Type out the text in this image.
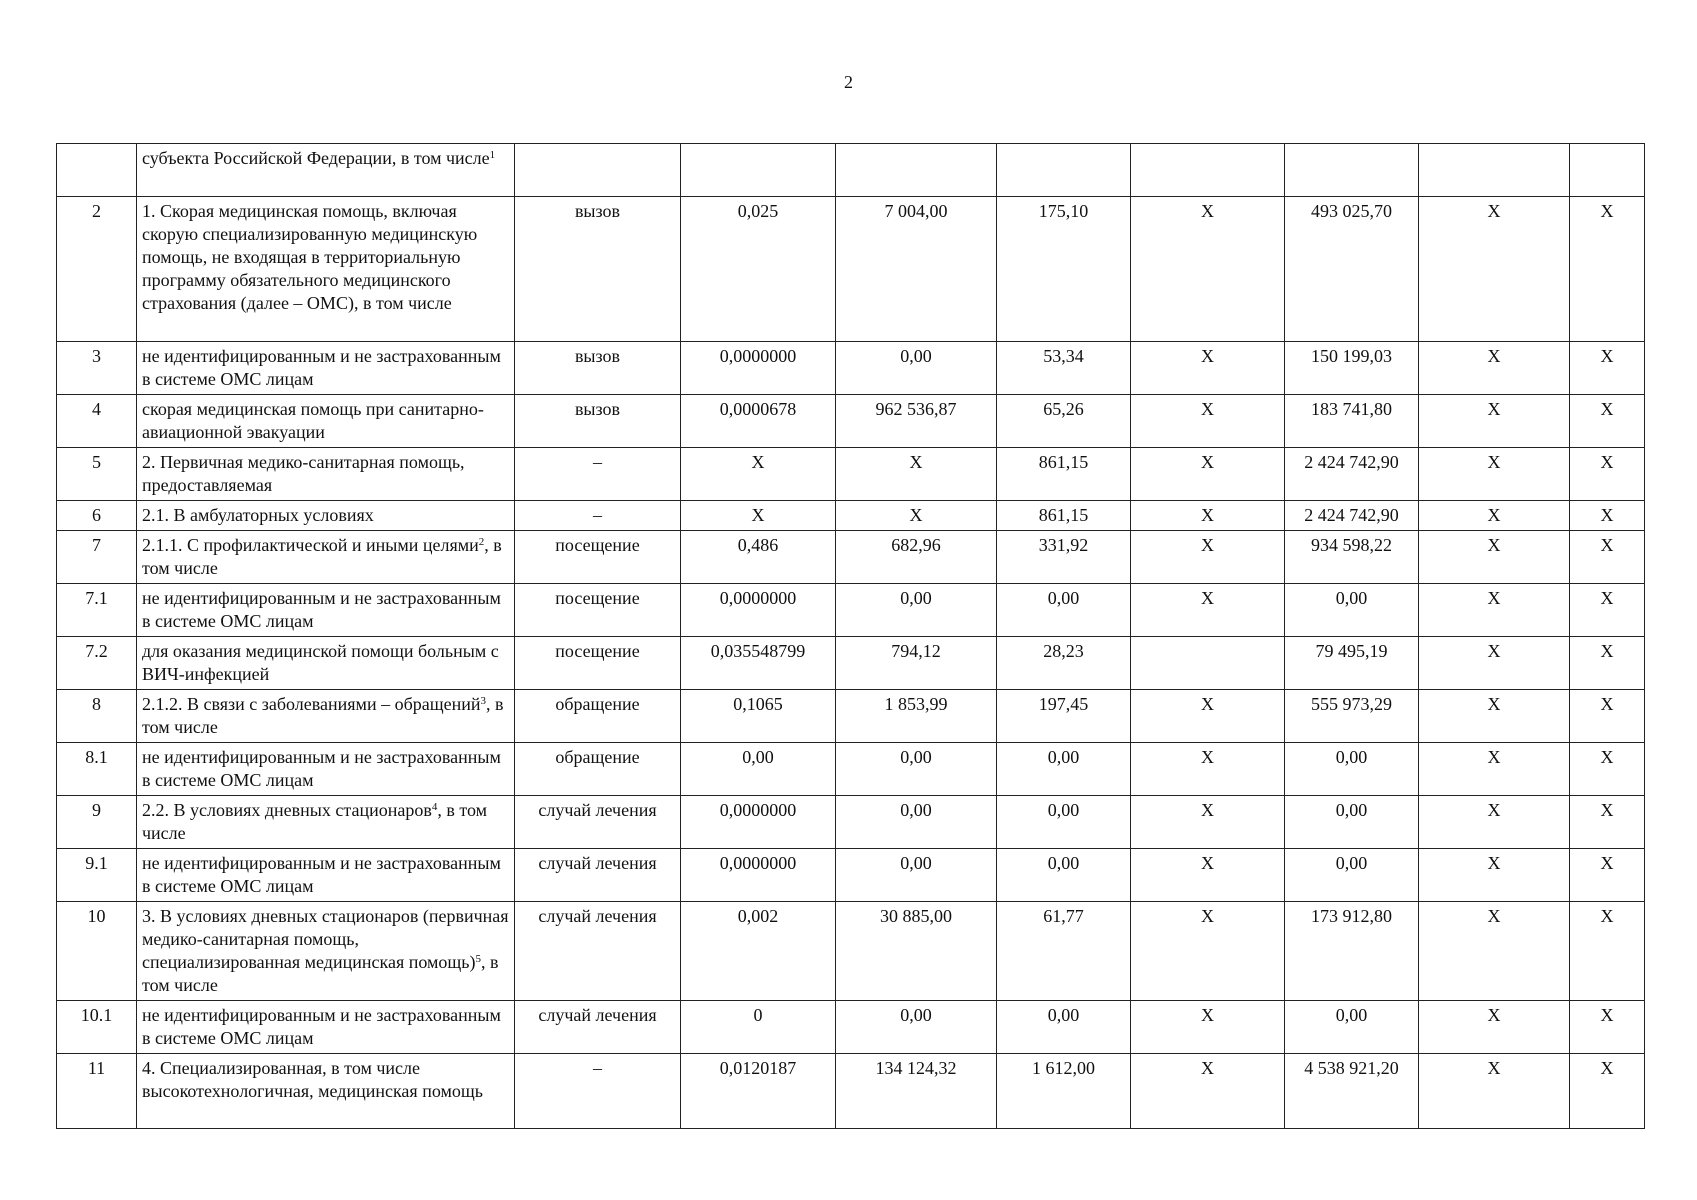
2
	субъекта Российской Федерации, в том числе$^1$								
2	1. Скорая медицинская помощь, включая скорую специализированную медицинскую помощь, не входящая в территориальную программу обязательного медицинского страхования (далее – ОМС), в том числе	вызов	0,025	7 004,00	175,10	X	493 025,70	X	X
3	не идентифицированным и не застрахованным в системе ОМС лицам	вызов	0,0000000	0,00	53,34	X	150 199,03	X	X
4	скорая медицинская помощь при санитарно-авиационной эвакуации	вызов	0,0000678	962 536,87	65,26	X	183 741,80	X	X
5	2. Первичная медико-санитарная помощь, предоставляемая	–	X	X	861,15	X	2 424 742,90	X	X
6	2.1. В амбулаторных условиях	–	X	X	861,15	X	2 424 742,90	X	X
7	2.1.1. С профилактической и иными целями$^2$, в том числе	посещение	0,486	682,96	331,92	X	934 598,22	X	X
7.1	не идентифицированным и не застрахованным в системе ОМС лицам	посещение	0,0000000	0,00	0,00	X	0,00	X	X
7.2	для оказания медицинской помощи больным с ВИЧ-инфекцией	посещение	0,035548799	794,12	28,23		79 495,19	X	X
8	2.1.2. В связи с заболеваниями – обращений$^3$, в том числе	обращение	0,1065	1 853,99	197,45	X	555 973,29	X	X
8.1	не идентифицированным и не застрахованным в системе ОМС лицам	обращение	0,00	0,00	0,00	X	0,00	X	X
9	2.2. В условиях дневных стационаров$^4$, в том числе	случай лечения	0,0000000	0,00	0,00	X	0,00	X	X
9.1	не идентифицированным и не застрахованным в системе ОМС лицам	случай лечения	0,0000000	0,00	0,00	X	0,00	X	X
10	3. В условиях дневных стационаров (первичная медико-санитарная помощь, специализированная медицинская помощь)$^5$, в том числе	случай лечения	0,002	30 885,00	61,77	X	173 912,80	X	X
10.1	не идентифицированным и не застрахованным в системе ОМС лицам	случай лечения	0	0,00	0,00	X	0,00	X	X
11	4. Специализированная, в том числе высокотехнологичная, медицинская помощь	–	0,0120187	134 124,32	1 612,00	X	4 538 921,20	X	X
